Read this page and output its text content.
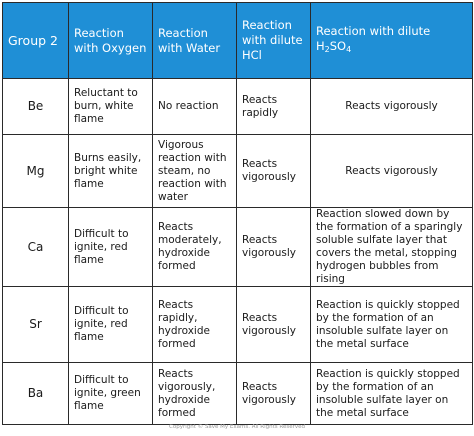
Group 2	Reaction with Oxygen	Reaction with Water	Reaction with dilute HCl	Reaction with dilute $H_2SO_4$
Be	Reluctant to burn, white flame	No reaction	Reacts rapidly	Reacts vigorously
Mg	Burns easily, bright white flame	Vigorous reaction with steam, no reaction with water	Reacts vigorously	Reacts vigorously
Ca	Difficult to ignite, red flame	Reacts moderately, hydroxide formed	Reacts vigorously	Reaction slowed down by the formation of a sparingly soluble sulfate layer that covers the metal, stopping hydrogen bubbles from rising
Sr	Difficult to ignite, red flame	Reacts rapidly, hydroxide formed	Reacts vigorously	Reaction is quickly stopped by the formation of an insoluble sulfate layer on the metal surface
Ba	Difficult to ignite, green flame	Reacts vigorously, hydroxide formed	Reacts vigorously	Reaction is quickly stopped by the formation of an insoluble sulfate layer on the metal surface
Copyright © Save My Exams. All Rights Reserved
